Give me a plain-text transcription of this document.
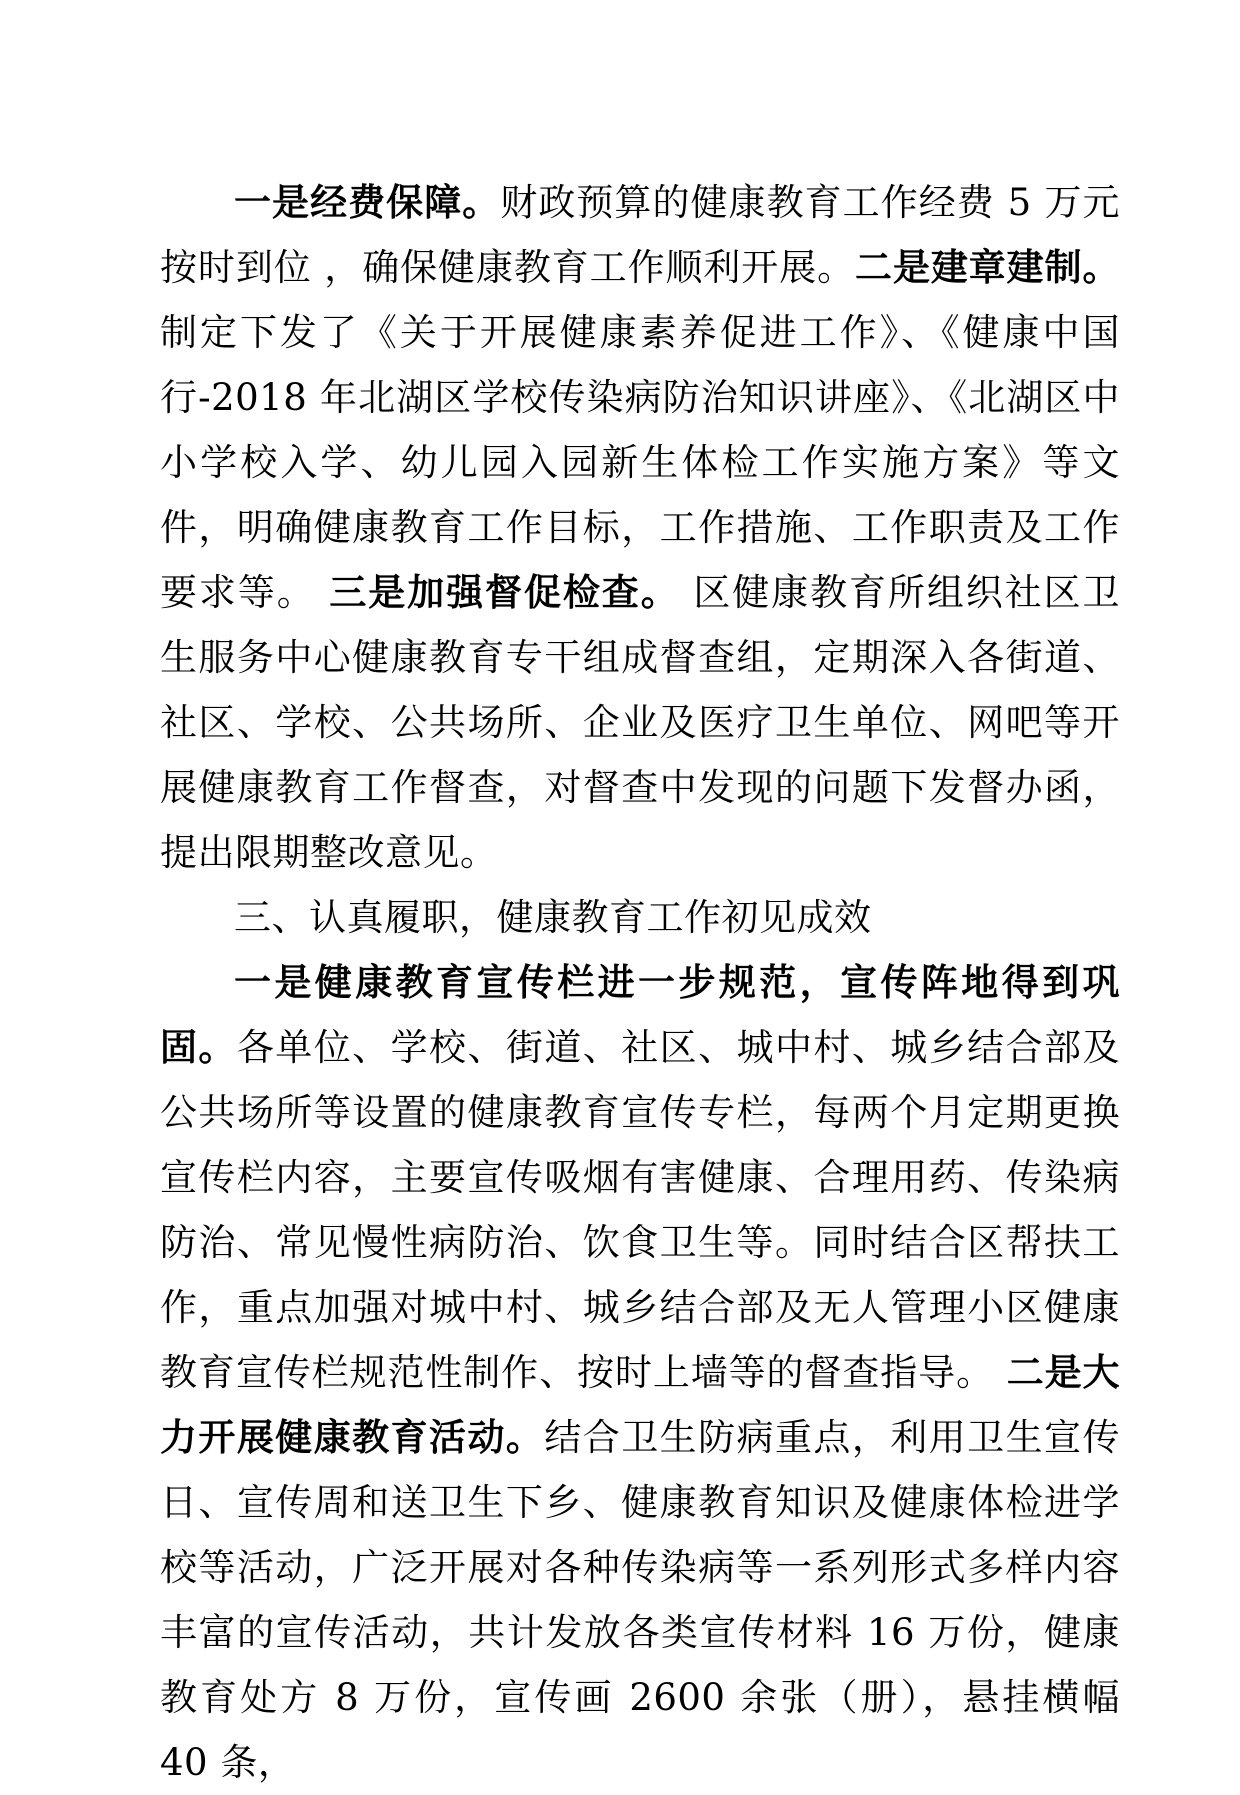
一是经费保障。财政预算的健康教育工作经费 5 万元按时到位 ，确保健康教育工作顺利开展。二是建章建制。制定下发了《关于开展健康素养促进工作》、《健康中国行-2018 年北湖区学校传染病防治知识讲座》、《北湖区中小学校入学、幼儿园入园新生体检工作实施方案》等文件，明确健康教育工作目标，工作措施、工作职责及工作要求等。 三是加强督促检查。 区健康教育所组织社区卫生服务中心健康教育专干组成督查组，定期深入各街道、社区、学校、公共场所、企业及医疗卫生单位、网吧等开展健康教育工作督查，对督查中发现的问题下发督办函，提出限期整改意见。

三、认真履职，健康教育工作初见成效

一是健康教育宣传栏进一步规范，宣传阵地得到巩固。各单位、学校、街道、社区、城中村、城乡结合部及公共场所等设置的健康教育宣传专栏，每两个月定期更换宣传栏内容，主要宣传吸烟有害健康、合理用药、传染病防治、常见慢性病防治、饮食卫生等。同时结合区帮扶工作，重点加强对城中村、城乡结合部及无人管理小区健康教育宣传栏规范性制作、按时上墙等的督查指导。 二是大力开展健康教育活动。结合卫生防病重点，利用卫生宣传日、宣传周和送卫生下乡、健康教育知识及健康体检进学校等活动，广泛开展对各种传染病等一系列形式多样内容丰富的宣传活动，共计发放各类宣传材料 16 万份，健康教育处方 8 万份，宣传画 2600 余张（册），悬挂横幅 40 条，
